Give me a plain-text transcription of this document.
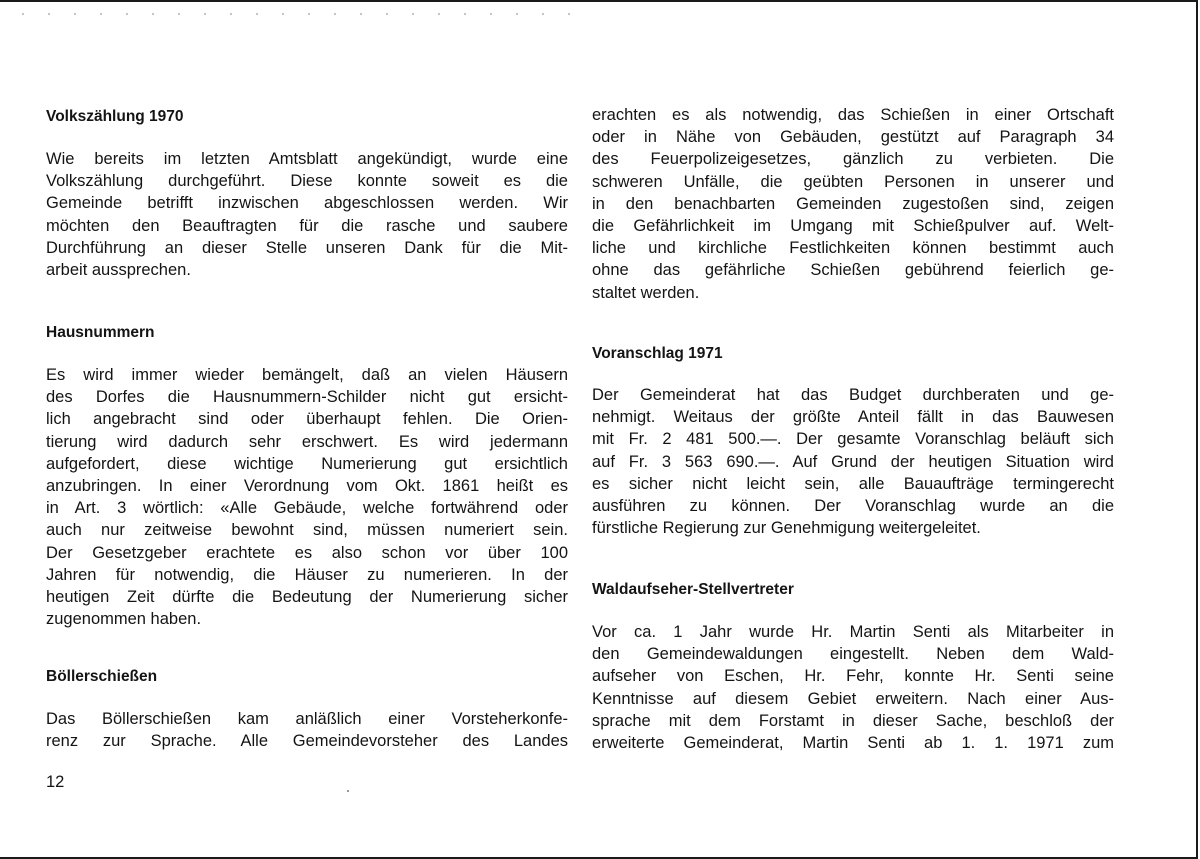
Volkszählung 1970

Wie bereits im letzten Amtsblatt angekündigt, wurde eine
Volkszählung durchgeführt. Diese konnte soweit es die
Gemeinde betrifft inzwischen abgeschlossen werden. Wir
möchten den Beauftragten für die rasche und saubere
Durchführung an dieser Stelle unseren Dank für die Mit-
arbeit aussprechen.

Hausnummern

Es wird immer wieder bemängelt, daß an vielen Häusern
des Dorfes die Hausnummern-Schilder nicht gut ersicht-
lich angebracht sind oder überhaupt fehlen. Die Orien-
tierung wird dadurch sehr erschwert. Es wird jedermann
aufgefordert, diese wichtige Numerierung gut ersichtlich
anzubringen. In einer Verordnung vom Okt. 1861 heißt es
in Art. 3 wörtlich: «Alle Gebäude, welche fortwährend oder
auch nur zeitweise bewohnt sind, müssen numeriert sein.
Der Gesetzgeber erachtete es also schon vor über 100
Jahren für notwendig, die Häuser zu numerieren. In der
heutigen Zeit dürfte die Bedeutung der Numerierung sicher
zugenommen haben.

Böllerschießen

Das Böllerschießen kam anläßlich einer Vorsteherkonfe-
renz zur Sprache. Alle Gemeindevorsteher des Landes

erachten es als notwendig, das Schießen in einer Ortschaft
oder in Nähe von Gebäuden, gestützt auf Paragraph 34
des Feuerpolizeigesetzes, gänzlich zu verbieten. Die
schweren Unfälle, die geübten Personen in unserer und
in den benachbarten Gemeinden zugestoßen sind, zeigen
die Gefährlichkeit im Umgang mit Schießpulver auf. Welt-
liche und kirchliche Festlichkeiten können bestimmt auch
ohne das gefährliche Schießen gebührend feierlich ge-
staltet werden.

Voranschlag 1971

Der Gemeinderat hat das Budget durchberaten und ge-
nehmigt. Weitaus der größte Anteil fällt in das Bauwesen
mit Fr. 2 481 500.—. Der gesamte Voranschlag beläuft sich
auf Fr. 3 563 690.—. Auf Grund der heutigen Situation wird
es sicher nicht leicht sein, alle Bauaufträge termingerecht
ausführen zu können. Der Voranschlag wurde an die
fürstliche Regierung zur Genehmigung weitergeleitet.

Waldaufseher-Stellvertreter

Vor ca. 1 Jahr wurde Hr. Martin Senti als Mitarbeiter in
den Gemeindewaldungen eingestellt. Neben dem Wald-
aufseher von Eschen, Hr. Fehr, konnte Hr. Senti seine
Kenntnisse auf diesem Gebiet erweitern. Nach einer Aus-
sprache mit dem Forstamt in dieser Sache, beschloß der
erweiterte Gemeinderat, Martin Senti ab 1. 1. 1971 zum

12
